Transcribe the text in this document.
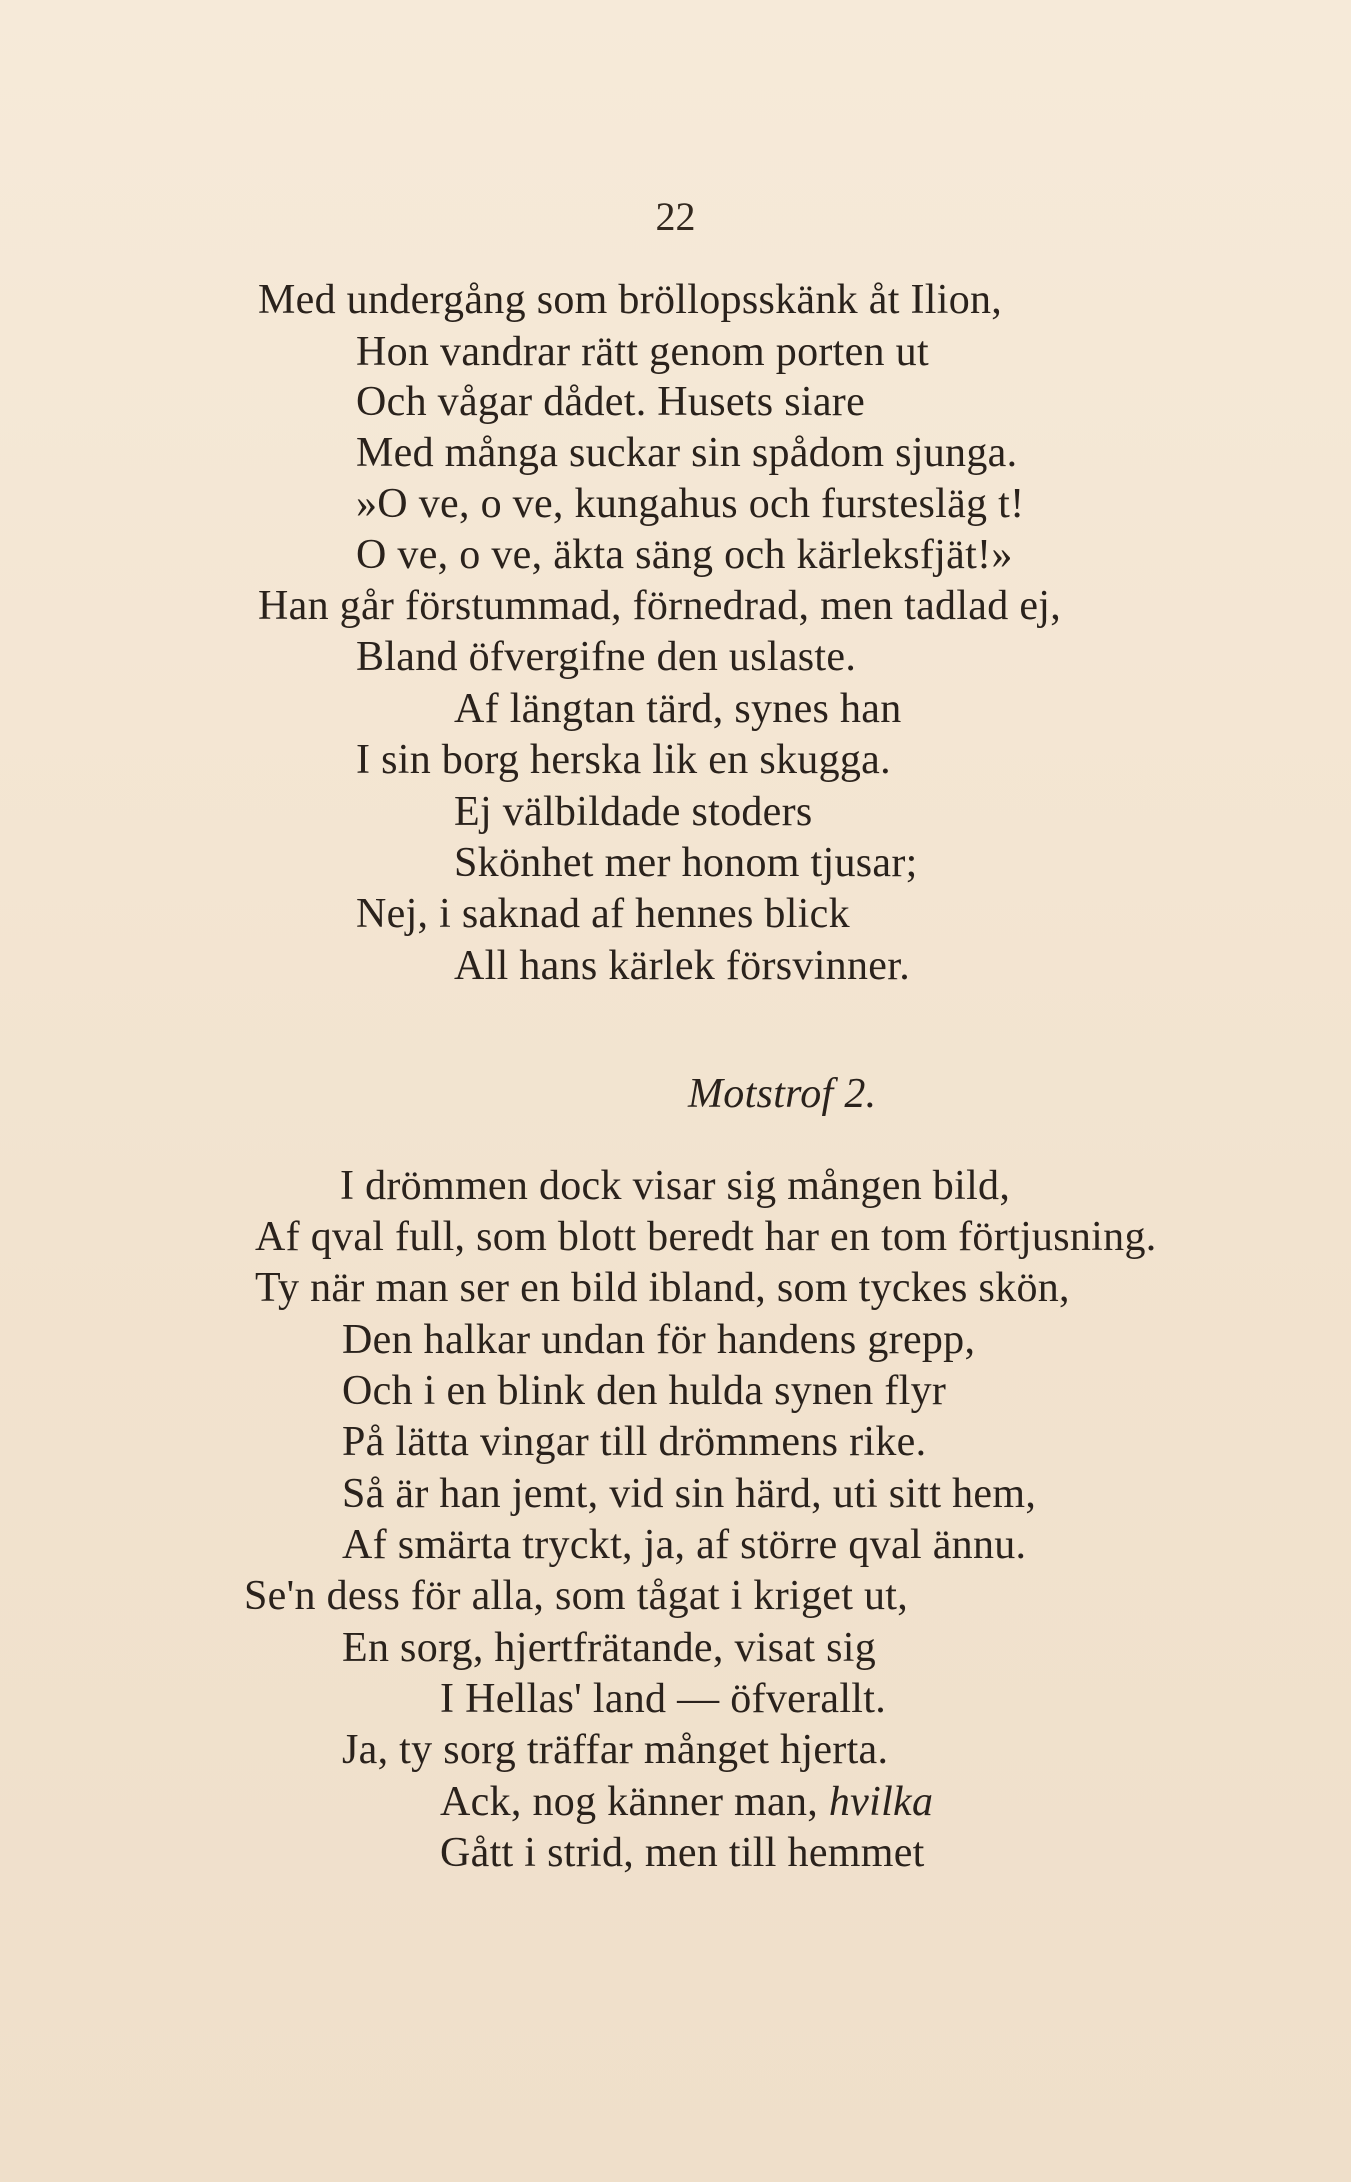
22
Med undergång som bröllopsskänk åt Ilion,
Hon vandrar rätt genom porten ut
Och vågar dådet. Husets siare
Med många suckar sin spådom sjunga.
»O ve, o ve, kungahus och furstesläg t!
O ve, o ve, äkta säng och kärleksfjät!»
Han går förstummad, förnedrad, men tadlad ej,
Bland öfvergifne den uslaste.
Af längtan tärd, synes han
I sin borg herska lik en skugga.
Ej välbildade stoders
Skönhet mer honom tjusar;
Nej, i saknad af hennes blick
All hans kärlek försvinner.
Motstrof 2.
I drömmen dock visar sig mången bild,
Af qval full, som blott beredt har en tom förtjusning.
Ty när man ser en bild ibland, som tyckes skön,
Den halkar undan för handens grepp,
Och i en blink den hulda synen flyr
På lätta vingar till drömmens rike.
Så är han jemt, vid sin härd, uti sitt hem,
Af smärta tryckt, ja, af större qval ännu.
Se'n dess för alla, som tågat i kriget ut,
En sorg, hjertfrätande, visat sig
I Hellas' land — öfverallt.
Ja, ty sorg träffar månget hjerta.
Ack, nog känner man, hvilka
Gått i strid, men till hemmet
